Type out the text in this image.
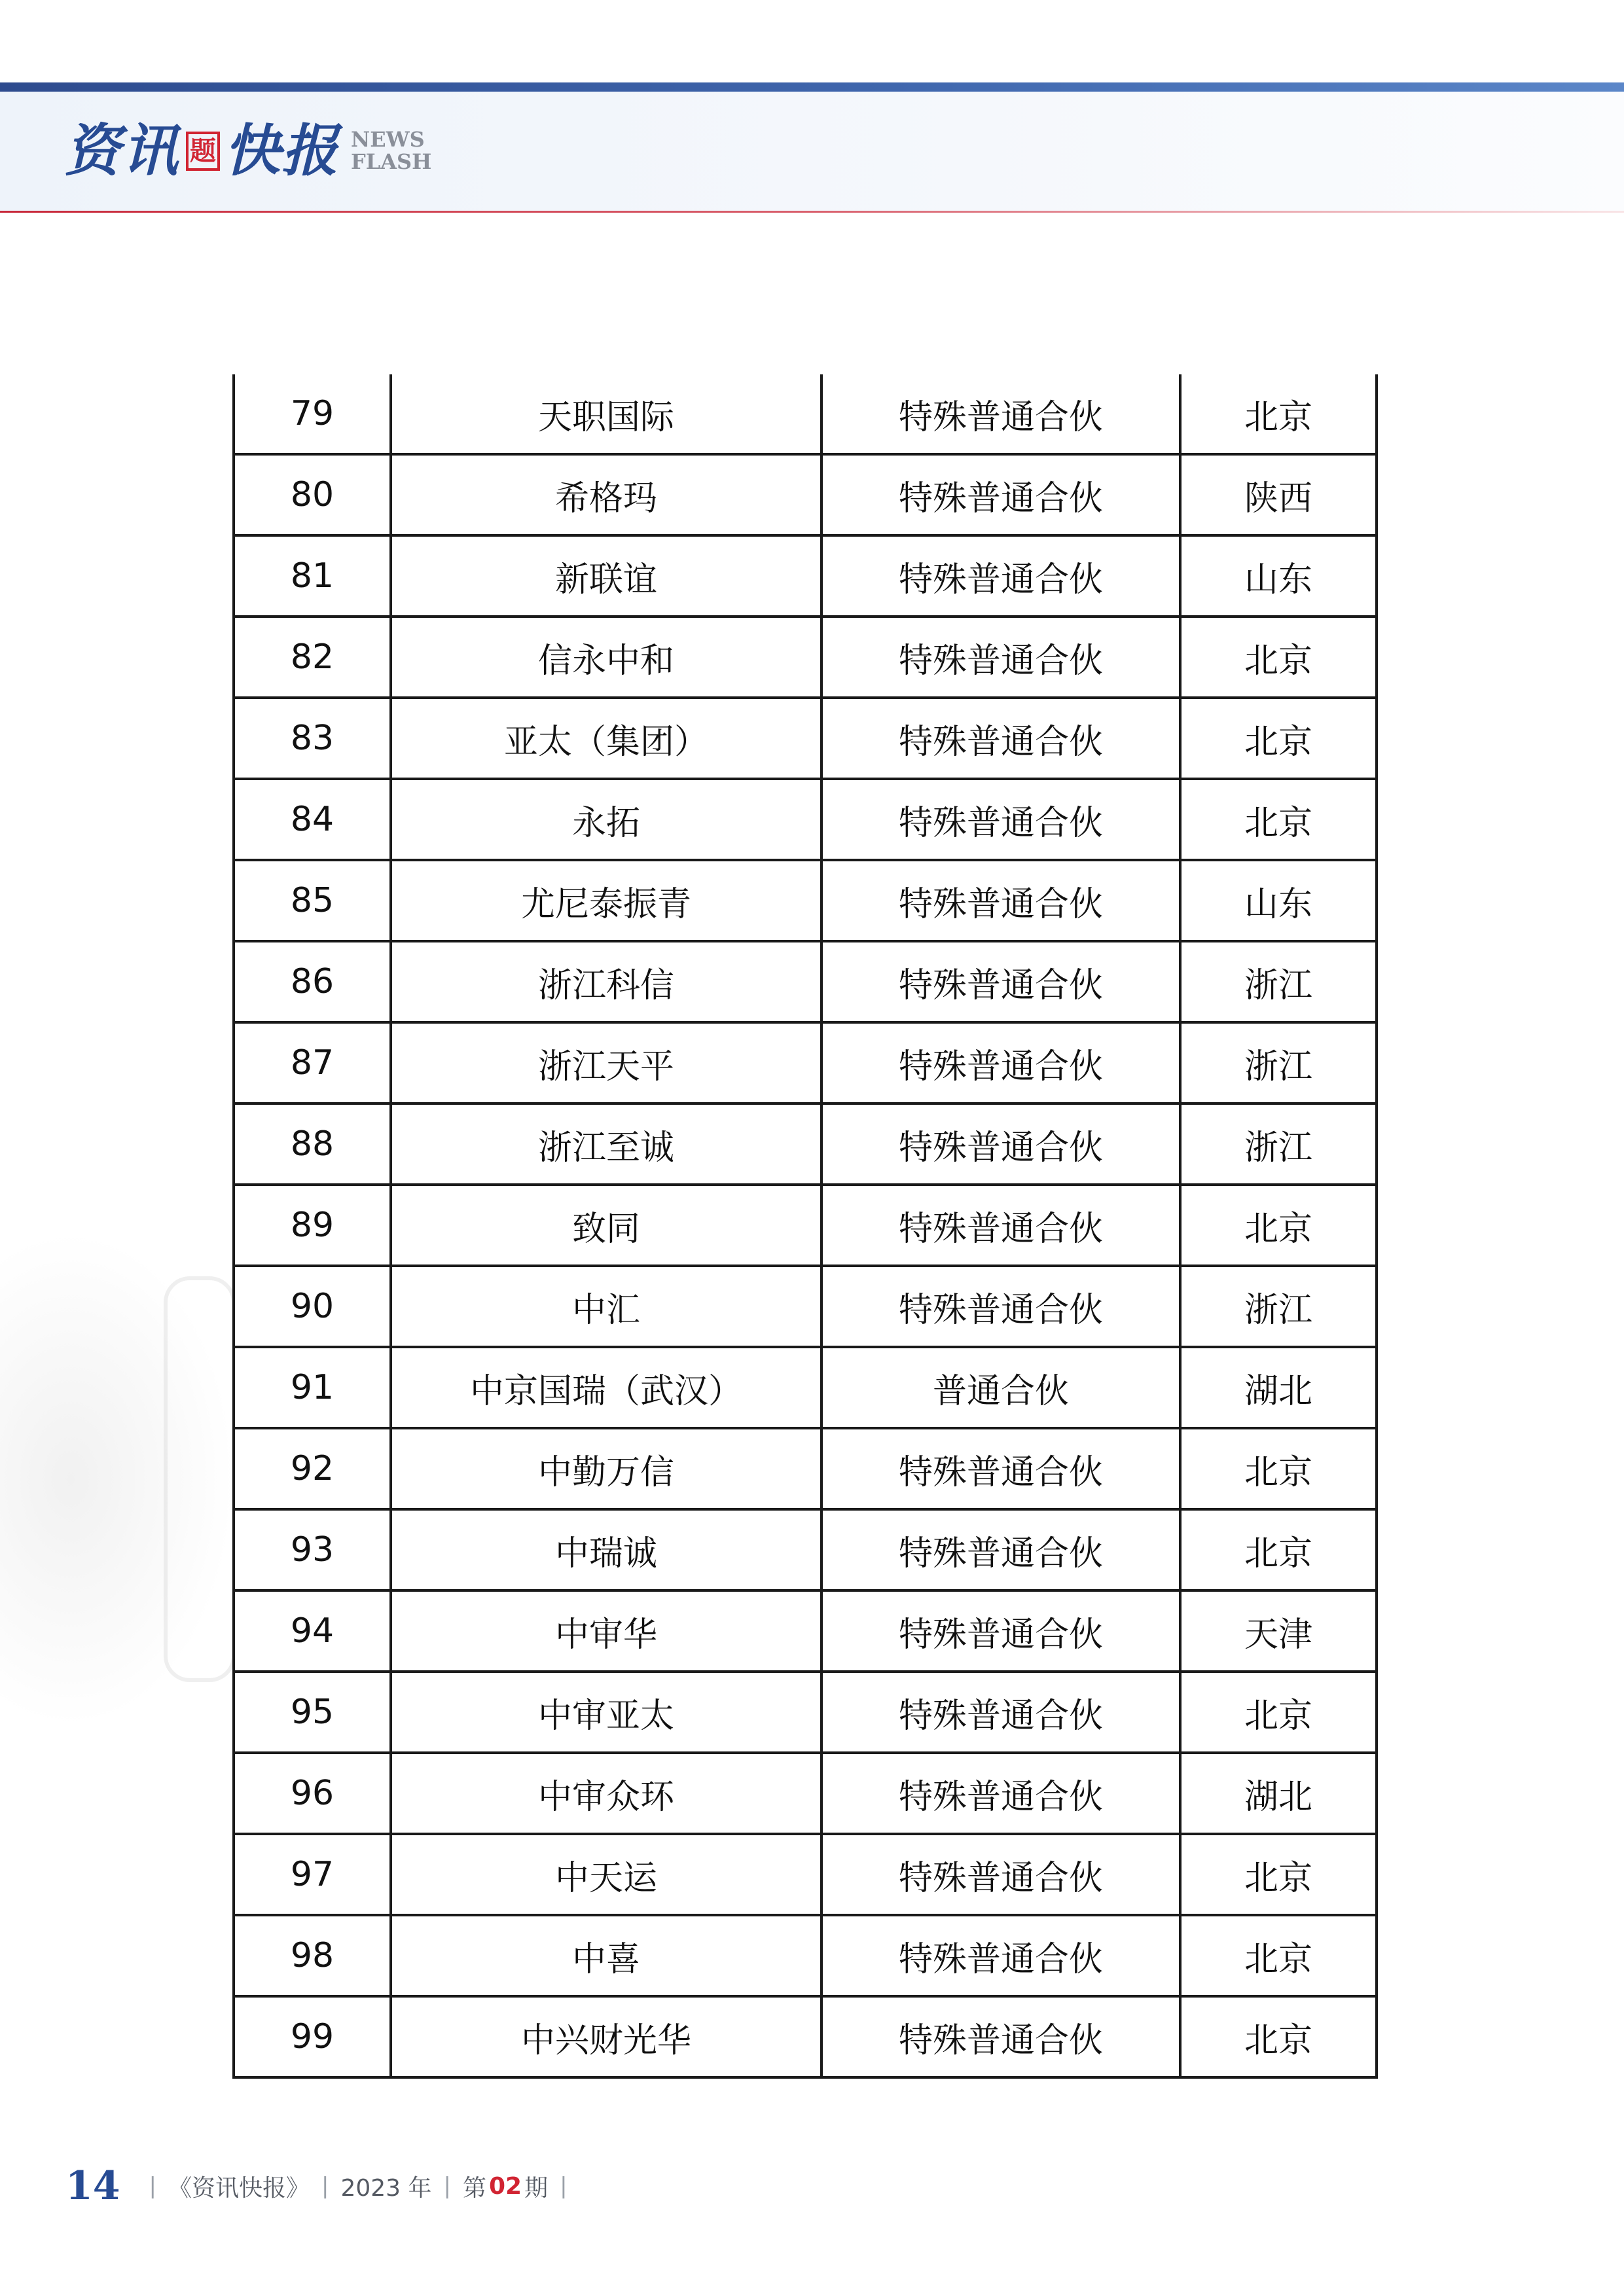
资讯 题 快报 NEWS
FLASH
79	天职国际	特殊普通合伙	北京
80	希格玛	特殊普通合伙	陕西
81	新联谊	特殊普通合伙	山东
82	信永中和	特殊普通合伙	北京
83	亚太（集团）	特殊普通合伙	北京
84	永拓	特殊普通合伙	北京
85	尤尼泰振青	特殊普通合伙	山东
86	浙江科信	特殊普通合伙	浙江
87	浙江天平	特殊普通合伙	浙江
88	浙江至诚	特殊普通合伙	浙江
89	致同	特殊普通合伙	北京
90	中汇	特殊普通合伙	浙江
91	中京国瑞（武汉）	普通合伙	湖北
92	中勤万信	特殊普通合伙	北京
93	中瑞诚	特殊普通合伙	北京
94	中审华	特殊普通合伙	天津
95	中审亚太	特殊普通合伙	北京
96	中审众环	特殊普通合伙	湖北
97	中天运	特殊普通合伙	北京
98	中喜	特殊普通合伙	北京
99	中兴财光华	特殊普通合伙	北京
14 | 《资讯快报》 | 2023 年 | 第 02 期 |
